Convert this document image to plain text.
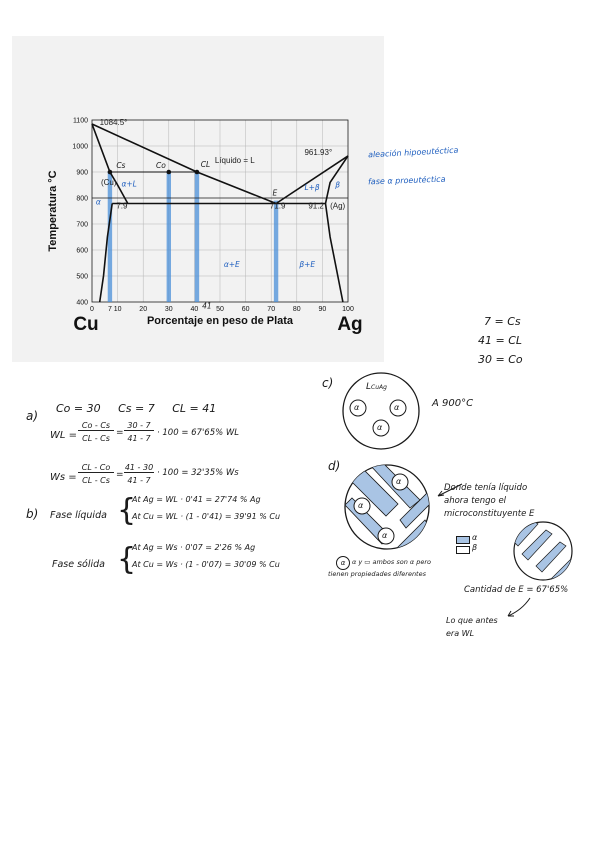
0 7 10	20	30	40	50	60	70	80	90 100
400
500
600
700
800
900
1000
1100
Porcentaje en peso de Plata
Cu	Ag
Temperatura °C
1084.5°
961.93°
Líquido = L
(Cu)
7.9	71.9	91.2 (Ag)
Cs	Co	CL
E
α+L
α
L+β β
α+E	β+E
41
aleación hipoeutéctica
fase α proeutéctica
7 = Cs
41 = CL
30 = Co
a)
Co = 30     Cs = 7     CL = 41
WL =
Co - Cs
CL - Cs
=
30 - 7
41 - 7
· 100 = 67'65% WL
Ws =
CL - Co
CL - Cs
=
41 - 30
41 - 7
· 100 = 32'35% Ws
b) Fase líquida {
At Ag = WL · 0'41 = 27'74 % Ag
At Cu = WL · (1 - 0'41) = 39'91 % Cu
Fase sólida {
At Ag = Ws · 0'07 = 2'26 % Ag
At Cu = Ws · (1 - 0'07) = 30'09 % Cu
c)	LCuAg
α	α
α
A 900°C
d)
α
α
α
Donde tenía líquido ahora tengo el microconstituyente E
α
β
α	α y ▭ ambos son α pero tienen propiedades diferentes
Cantidad de E = 67'65%
Lo que antes era WL
